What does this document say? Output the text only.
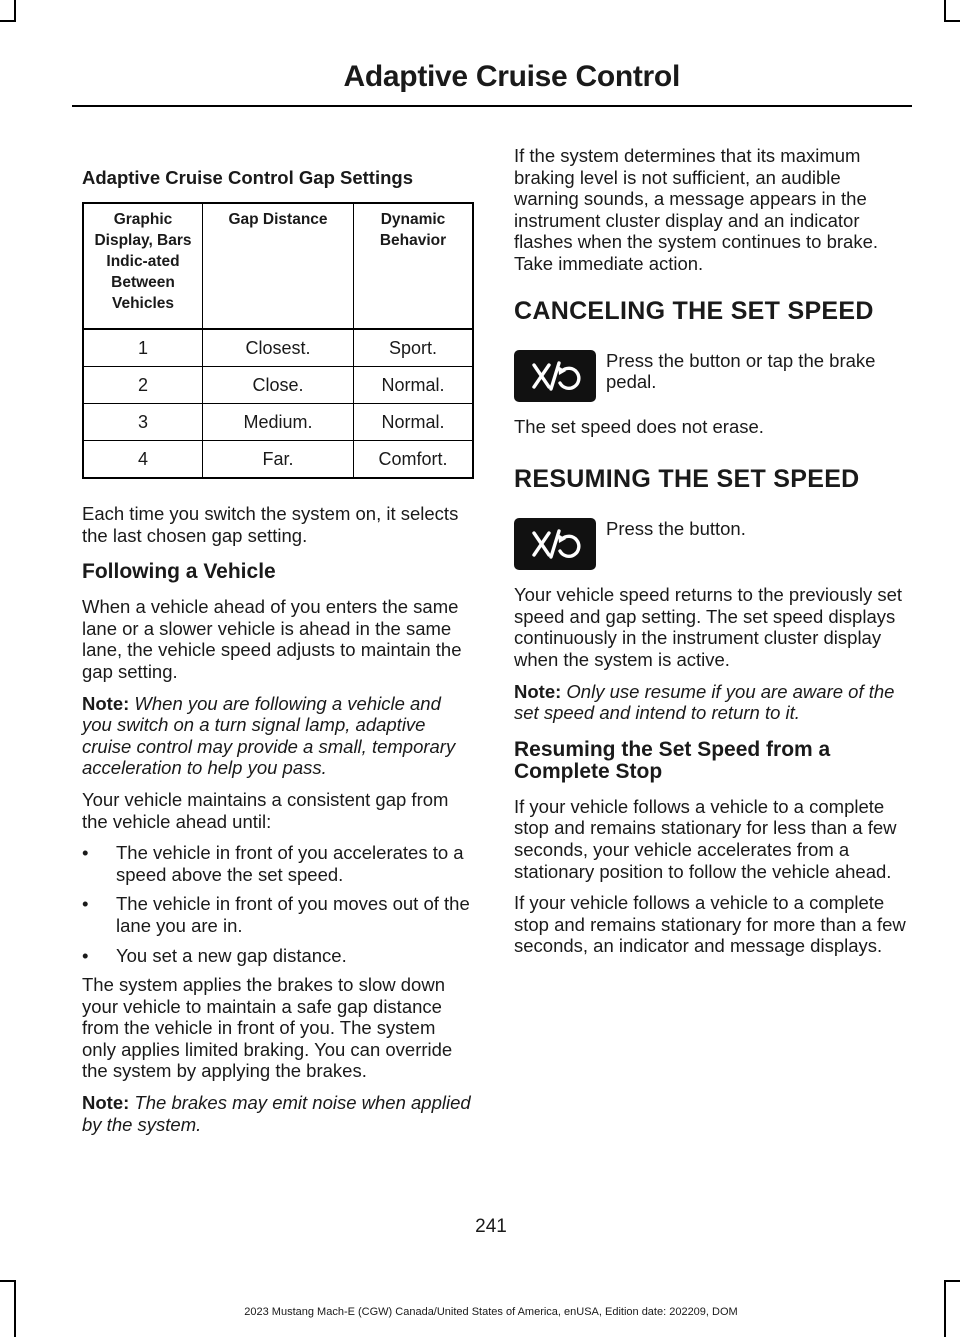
Adaptive Cruise Control
Adaptive Cruise Control Gap Settings
Graphic Display, Bars Indic-ated Between Vehicles	Gap Distance	Dynamic Behavior
1	Closest.	Sport.
2	Close.	Normal.
3	Medium.	Normal.
4	Far.	Comfort.

Each time you switch the system on, it selects the last chosen gap setting.

Following a Vehicle

When a vehicle ahead of you enters the same lane or a slower vehicle is ahead in the same lane, the vehicle speed adjusts to maintain the gap setting.

Note: When you are following a vehicle and you switch on a turn signal lamp, adaptive cruise control may provide a small, temporary acceleration to help you pass.

Your vehicle maintains a consistent gap from the vehicle ahead until:

• The vehicle in front of you accelerates to a speed above the set speed.
• The vehicle in front of you moves out of the lane you are in.
• You set a new gap distance.

The system applies the brakes to slow down your vehicle to maintain a safe gap distance from the vehicle in front of you. The system only applies limited braking. You can override the system by applying the brakes.

Note: The brakes may emit noise when applied by the system.

If the system determines that its maximum braking level is not sufficient, an audible warning sounds, a message appears in the instrument cluster display and an indicator flashes when the system continues to brake. Take immediate action.

CANCELING THE SET SPEED

Press the button or tap the brake pedal.

The set speed does not erase.

RESUMING THE SET SPEED

Press the button.

Your vehicle speed returns to the previously set speed and gap setting. The set speed displays continuously in the instrument cluster display when the system is active.

Note: Only use resume if you are aware of the set speed and intend to return to it.

Resuming the Set Speed from a Complete Stop

If your vehicle follows a vehicle to a complete stop and remains stationary for less than a few seconds, your vehicle accelerates from a stationary position to follow the vehicle ahead.

If your vehicle follows a vehicle to a complete stop and remains stationary for more than a few seconds, an indicator and message displays.

241

2023 Mustang Mach-E (CGW) Canada/United States of America, enUSA, Edition date: 202209, DOM
